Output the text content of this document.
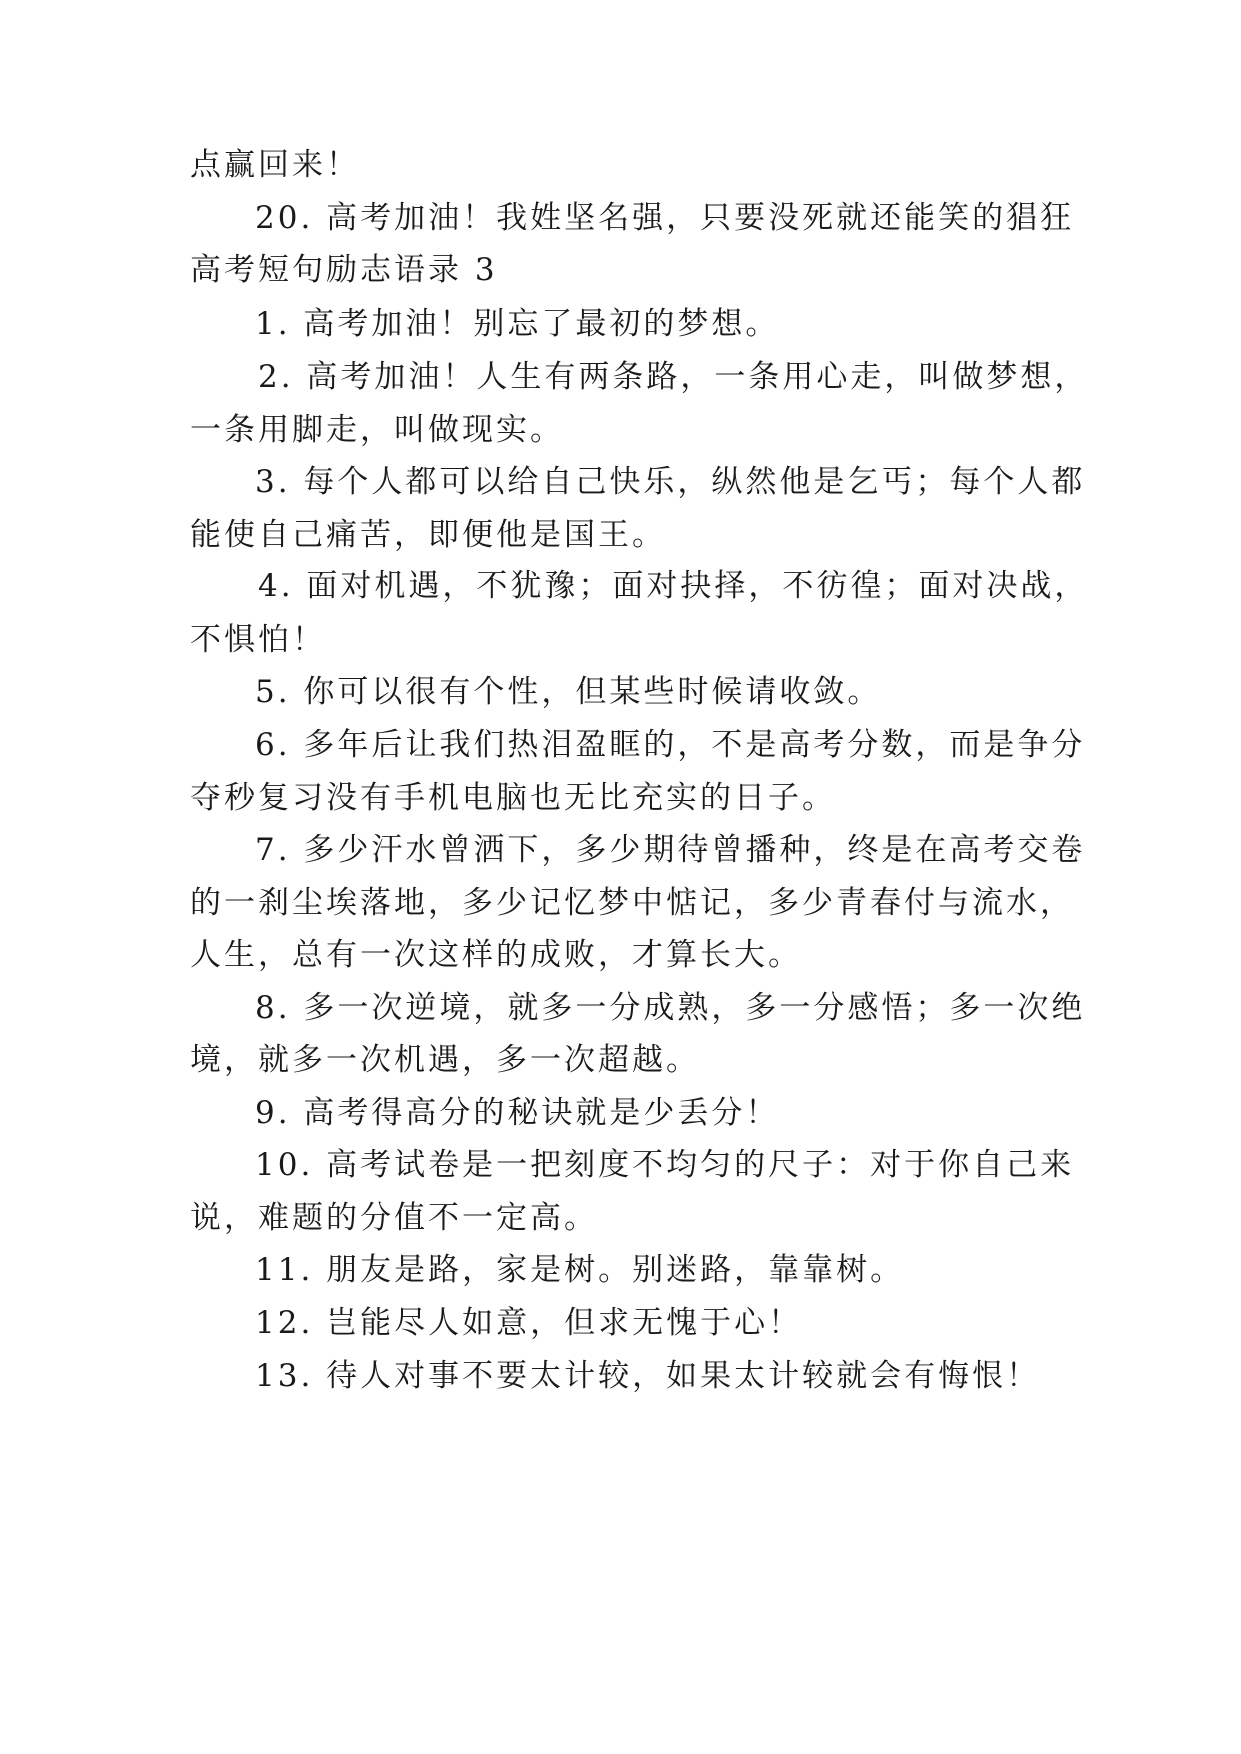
点赢回来！
20. 高考加油！我姓坚名强，只要没死就还能笑的猖狂
高考短句励志语录 3
1. 高考加油！别忘了最初的梦想。
2. 高考加油！人生有两条路，一条用心走，叫做梦想，
一条用脚走，叫做现实。
3. 每个人都可以给自己快乐，纵然他是乞丐；每个人都
能使自己痛苦，即便他是国王。
4. 面对机遇，不犹豫；面对抉择，不彷徨；面对决战，
不惧怕！
5. 你可以很有个性，但某些时候请收敛。
6. 多年后让我们热泪盈眶的，不是高考分数，而是争分
夺秒复习没有手机电脑也无比充实的日子。
7. 多少汗水曾洒下，多少期待曾播种，终是在高考交卷
的一刹尘埃落地，多少记忆梦中惦记，多少青春付与流水，
人生，总有一次这样的成败，才算长大。
8. 多一次逆境，就多一分成熟，多一分感悟；多一次绝
境，就多一次机遇，多一次超越。
9. 高考得高分的秘诀就是少丢分！
10. 高考试卷是一把刻度不均匀的尺子：对于你自己来
说，难题的分值不一定高。
11. 朋友是路，家是树。别迷路，靠靠树。
12. 岂能尽人如意，但求无愧于心！
13. 待人对事不要太计较，如果太计较就会有悔恨！
